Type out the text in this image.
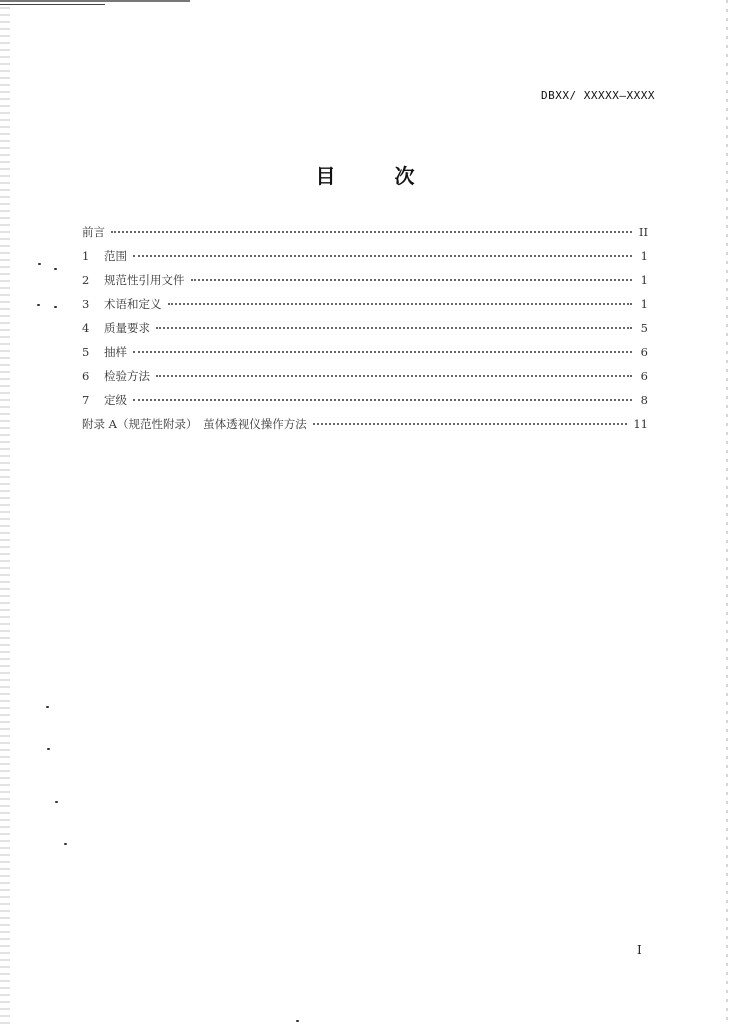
DBXX/ XXXXX—XXXX
目 次
前言	II
1	范围	1
2	规范性引用文件	1
3	术语和定义	1
4	质量要求	5
5	抽样	6
6	检验方法	6
7	定级	8
附录 A（规范性附录）　茧体透视仪操作方法	11
I
